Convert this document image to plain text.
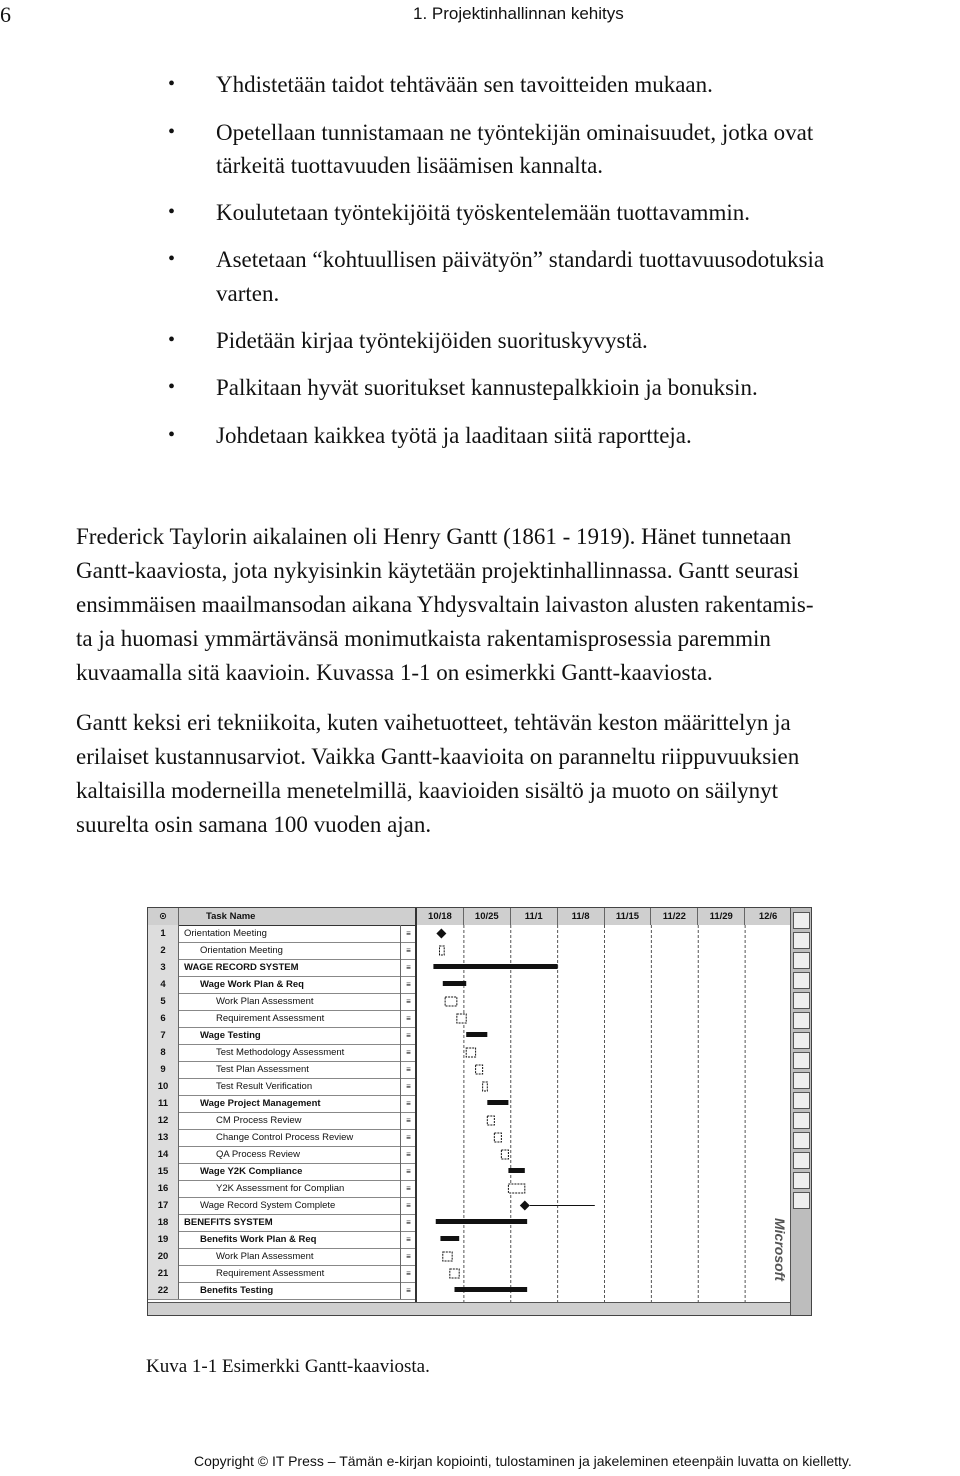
6	1. Projektinhallinnan kehitys
• Yhdistetään taidot tehtävään sen tavoitteiden mukaan.
• Opetellaan tunnistamaan ne työntekijän ominaisuudet, jotka ovat
tärkeitä tuottavuuden lisäämisen kannalta.
• Koulutetaan työntekijöitä työskentelemään tuottavammin.
• Asetetaan “kohtuullisen päivätyön” standardi tuottavuusodotuksia
varten.
• Pidetään kirjaa työntekijöiden suorituskyvystä.
• Palkitaan hyvät suoritukset kannustepalkkioin ja bonuksin.
• Johdetaan kaikkea työtä ja laaditaan siitä raportteja.
Frederick Taylorin aikalainen oli Henry Gantt (1861 - 1919). Hänet tunnetaan
Gantt-kaaviosta, jota nykyisinkin käytetään projektinhallinnassa. Gantt seurasi
ensimmäisen maailmansodan aikana Yhdysvaltain laivaston alusten rakentamis-
ta ja huomasi ymmärtävänsä monimutkaista rakentamisprosessia paremmin
kuvaamalla sitä kaavioin. Kuvassa 1-1 on esimerkki Gantt-kaaviosta.
Gantt keksi eri tekniikoita, kuten vaihetuotteet, tehtävän keston määrittelyn ja
erilaiset kustannusarviot. Vaikka Gantt-kaavioita on paranneltu riippuvuuksien
kaltaisilla moderneilla menetelmillä, kaavioiden sisältö ja muoto on säilynyt
suurelta osin samana 100 vuoden ajan.
⊙	Task Name
1	Orientation Meeting	≡
2	Orientation Meeting	≡
3	WAGE RECORD SYSTEM	≡
4	Wage Work Plan & Req	≡
5	Work Plan Assessment	≡
6	Requirement Assessment	≡
7	Wage Testing	≡
8	Test Methodology Assessment	≡
9	Test Plan Assessment	≡
10	Test Result Verification	≡
11	Wage Project Management	≡
12	CM Process Review	≡
13	Change Control Process Review	≡
14	QA Process Review	≡
15	Wage Y2K Compliance	≡
16	Y2K Assessment for Complian	≡
17	Wage Record System Complete	≡
18	BENEFITS SYSTEM	≡
19	Benefits Work Plan & Req	≡
20	Work Plan Assessment	≡
21	Requirement Assessment	≡
22	Benefits Testing	≡
10/18	10/25	11/1	11/8	11/15	11/22	11/29	12/6
Microsoft
Kuva 1-1 Esimerkki Gantt-kaaviosta.
Copyright © IT Press – Tämän e-kirjan kopiointi, tulostaminen ja jakeleminen eteenpäin luvatta on kielletty.
